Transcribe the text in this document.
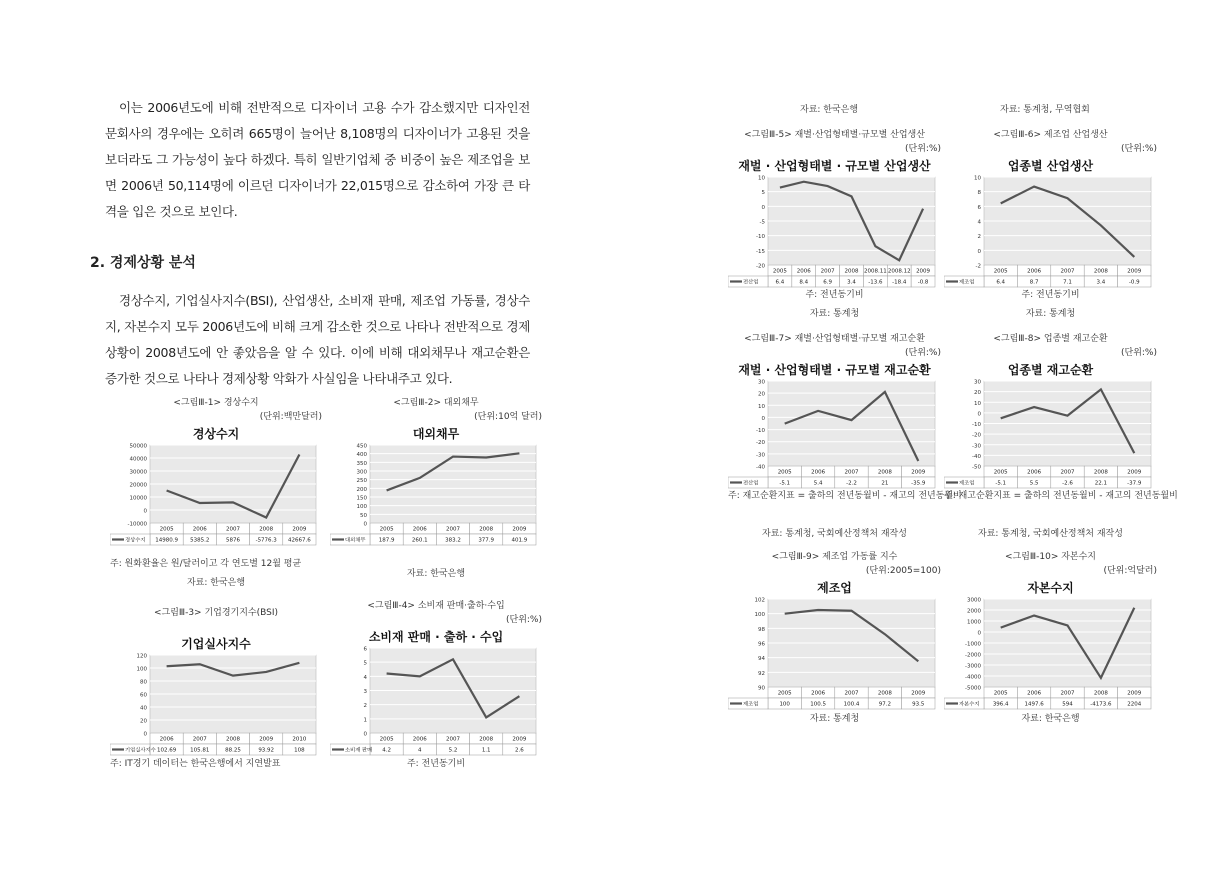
이는 2006년도에 비해 전반적으로 디자이너 고용 수가 감소했지만 디자인전문회사의 경우에는 오히려 665명이 늘어난 8,108명의 디자이너가 고용된 것을 보더라도 그 가능성이 높다 하겠다. 특히 일반기업체 중 비중이 높은 제조업을 보면 2006년 50,114명에 이르던 디자이너가 22,015명으로 감소하여 가장 큰 타격을 입은 것으로 보인다.

2. 경제상황 분석

경상수지, 기업실사지수(BSI), 산업생산, 소비재 판매, 제조업 가동률, 경상수지, 자본수지 모두 2006년도에 비해 크게 감소한 것으로 나타나 전반적으로 경제상황이 2008년도에 안 좋았음을 알 수 있다. 이에 비해 대외채무나 재고순환은 증가한 것으로 나타나 경제상황 악화가 사실임을 나타내주고 있다.

자료: 한국은행	자료: 통계청, 무역협회
<그림Ⅲ-1> 경상수지
(단위:백만달러)
경상수지
50000
40000
30000
20000
10000
0
-10000
2005
14980.9
2006
5385.2
2007
5876
2008
-5776.3
2009
42667.6
경상수지
주: 원화환율은 원/달러이고 각 연도별 12월 평균
자료: 한국은행
<그림Ⅲ-2> 대외채무
(단위:10억 달러)
대외채무
450
400
350
300
250
200
150
100
50
0
2005
187.9
2006
260.1
2007
383.2
2008
377.9
2009
401.9
대외채무
자료: 한국은행
<그림Ⅲ-3> 기업경기지수(BSI)
기업실사지수
120
100
80
60
40
20
0
2006
102.69
2007
105.81
2008
88.25
2009
93.92
2010
108
기업실사지수
주: IT경기 데이터는 한국은행에서 지연발표
<그림Ⅲ-4> 소비재 판매·출하·수입
(단위:%)
소비재 판매 · 출하 · 수입
6
5
4
3
2
1
0
2005
4.2
2006
4
2007
5.2
2008
1.1
2009
2.6
소비재 판매
주: 전년동기비
<그림Ⅲ-5> 재별·산업형태별·규모별 산업생산
(단위:%)
재벌 · 산업형태별 · 규모별 산업생산
10
5
0
-5
-10
-15
-20
2005
6.4
2006
8.4
2007
6.9
2008
3.4
2008.11
-13.6
2008.12
-18.4
2009
-0.8
전산업
주: 전년동기비
자료: 통계청
<그림Ⅲ-6> 제조업 산업생산
(단위:%)
업종별 산업생산
10
8
6
4
2
0
-2
2005
6.4
2006
8.7
2007
7.1
2008
3.4
2009
-0.9
제조업
주: 전년동기비
자료: 통계청
<그림Ⅲ-7> 재별·산업형태별·규모별 재고순환
(단위:%)
재벌 · 산업형태별 · 규모별 재고순환
30
20
10
0
-10
-20
-30
-40
2005
-5.1
2006
5.4
2007
-2.2
2008
21
2009
-35.9
전산업
주: 재고순환지표 = 출하의 전년동월비 - 재고의 전년동월비
자료: 통계청, 국회예산정책처 재작성
<그림Ⅲ-8> 업종별 재고순환
(단위:%)
업종별 재고순환
30
20
10
0
-10
-20
-30
-40
-50
2005
-5.1
2006
5.5
2007
-2.6
2008
22.1
2009
-37.9
제조업
주: 재고순환지표 = 출하의 전년동월비 - 재고의 전년동월비
자료: 통계청, 국회예산정책처 재작성
<그림Ⅲ-9> 제조업 가동률 지수
(단위:2005=100)
제조업
102
100
98
96
94
92
90
2005
100
2006
100.5
2007
100.4
2008
97.2
2009
93.5
제조업
자료: 통계청
<그림Ⅲ-10> 자본수지
(단위:억달러)
자본수지
3000
2000
1000
0
-1000
-2000
-3000
-4000
-5000
2005
396.4
2006
1497.6
2007
594
2008
-4173.6
2009
2204
자본수지
자료: 한국은행
